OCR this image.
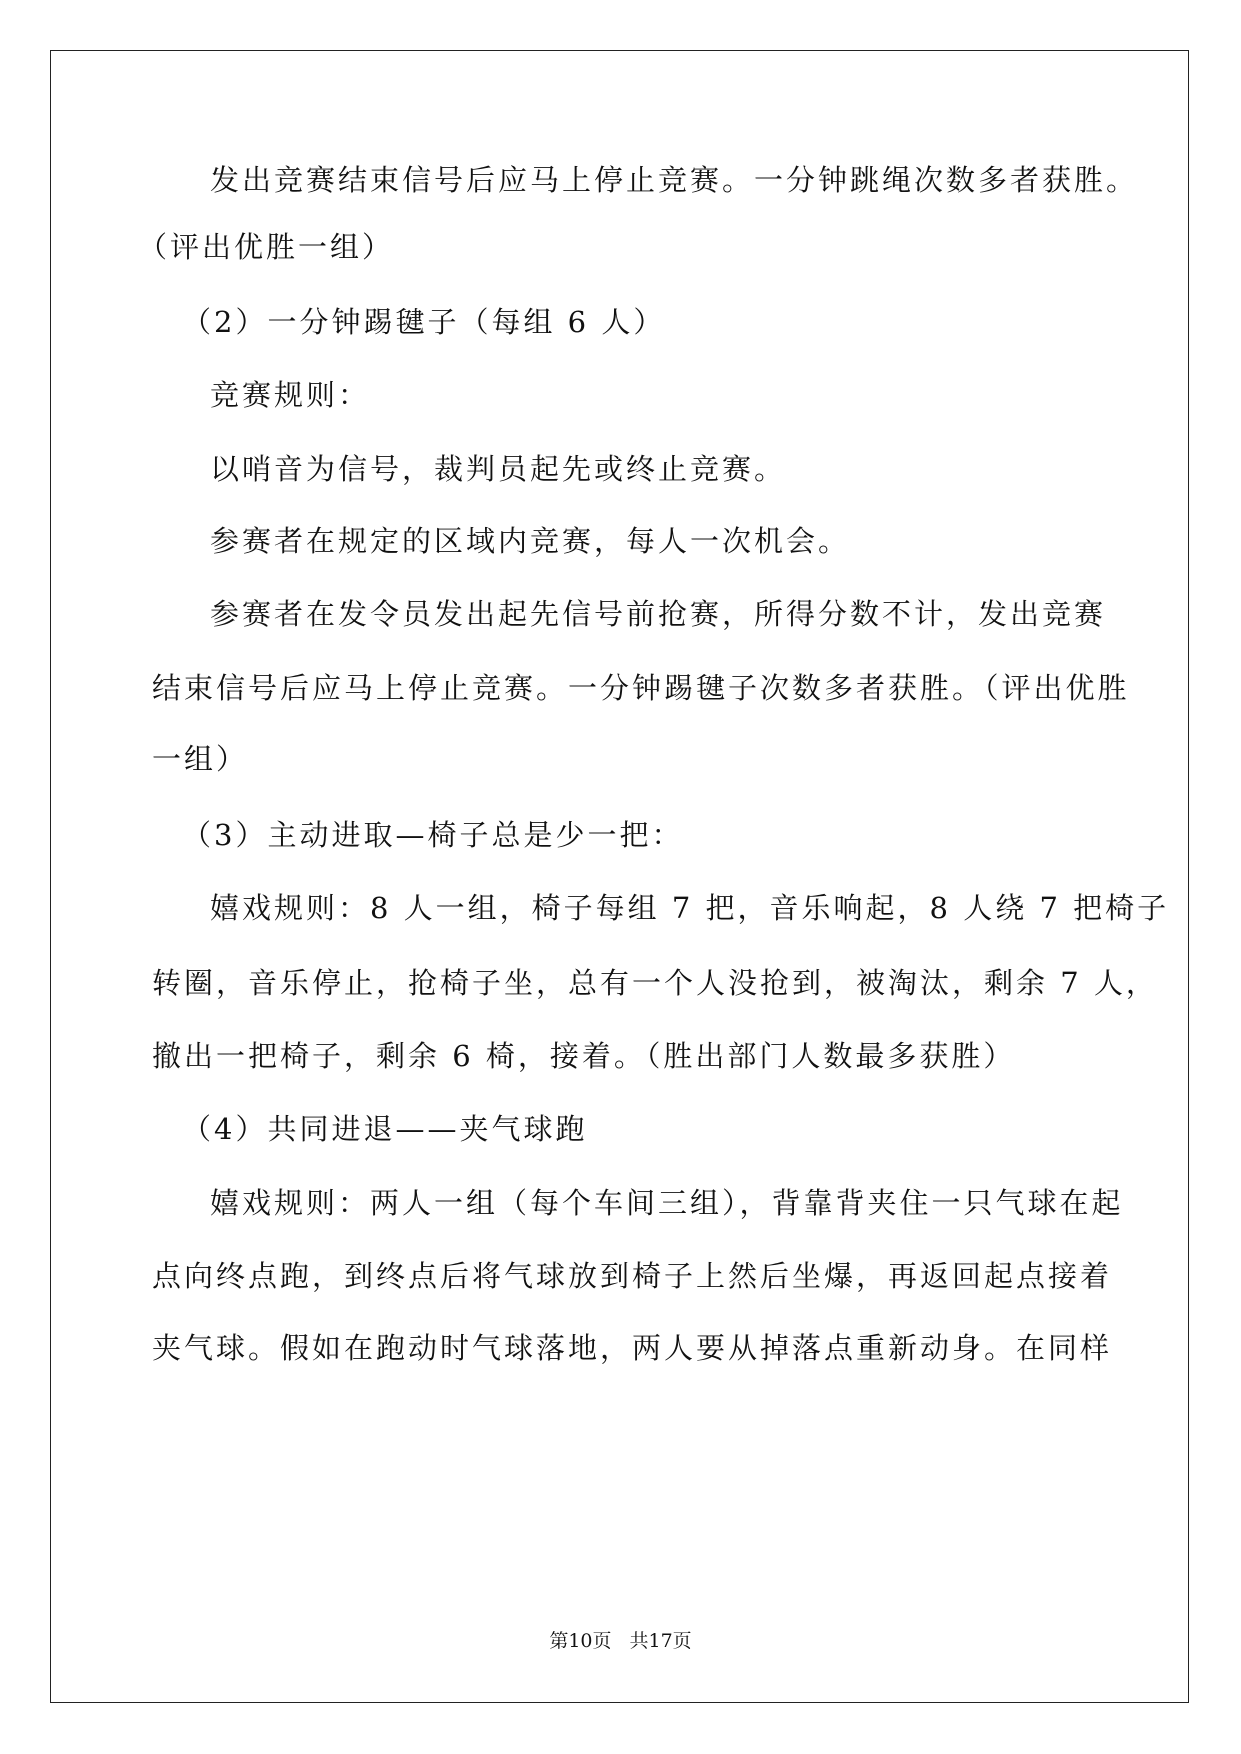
发出竞赛结束信号后应马上停止竞赛。一分钟跳绳次数多者获胜。
（评出优胜一组）
（2）一分钟踢毽子（每组 6 人）
竞赛规则：
以哨音为信号，裁判员起先或终止竞赛。
参赛者在规定的区域内竞赛，每人一次机会。
参赛者在发令员发出起先信号前抢赛，所得分数不计，发出竞赛
结束信号后应马上停止竞赛。一分钟踢毽子次数多者获胜。（评出优胜
一组）
（3）主动进取—椅子总是少一把：
嬉戏规则：8 人一组，椅子每组 7 把，音乐响起，8 人绕 7 把椅子
转圈，音乐停止，抢椅子坐，总有一个人没抢到，被淘汰，剩余 7 人，
撤出一把椅子，剩余 6 椅，接着。（胜出部门人数最多获胜）
（4）共同进退——夹气球跑
嬉戏规则：两人一组（每个车间三组），背靠背夹住一只气球在起
点向终点跑，到终点后将气球放到椅子上然后坐爆，再返回起点接着
夹气球。假如在跑动时气球落地，两人要从掉落点重新动身。在同样
第10页 共17页
